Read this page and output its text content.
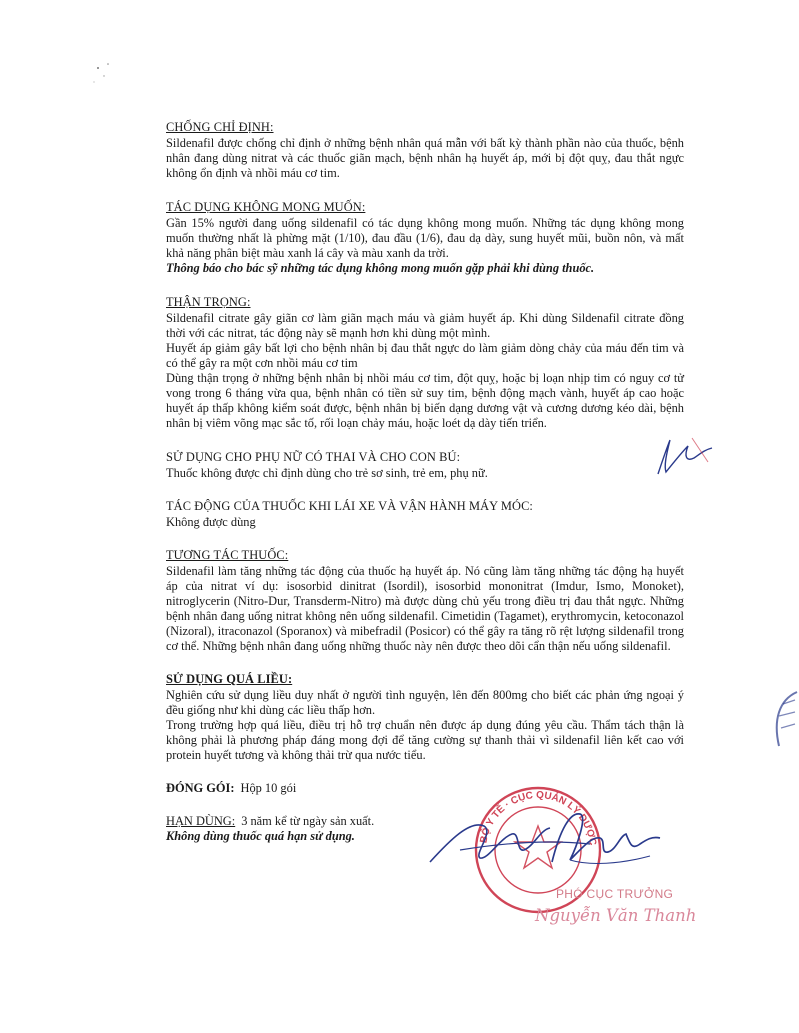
CHỐNG CHỈ ĐỊNH:

Sildenafil được chống chỉ định ở những bệnh nhân quá mẫn với bất kỳ thành phần nào của thuốc, bệnh nhân đang dùng nitrat và các thuốc giãn mạch, bệnh nhân hạ huyết áp, mới bị đột quỵ, đau thắt ngực không ổn định và nhồi máu cơ tim.

TÁC DỤNG KHÔNG MONG MUỐN:

Gần 15% người đang uống sildenafil có tác dụng không mong muốn. Những tác dụng không mong muốn thường nhất là phừng mặt (1/10), đau đầu (1/6), đau dạ dày, sung huyết mũi, buồn nôn, và mất khả năng phân biệt màu xanh lá cây và màu xanh da trời.

Thông báo cho bác sỹ những tác dụng không mong muốn gặp phải khi dùng thuốc.

THẬN TRỌNG:

Sildenafil citrate gây giãn cơ làm giãn mạch máu và giảm huyết áp. Khi dùng Sildenafil citrate đồng thời với các nitrat, tác động này sẽ mạnh hơn khi dùng một mình.

Huyết áp giảm gây bất lợi cho bệnh nhân bị đau thắt ngực do làm giảm dòng chảy của máu đến tim và có thể gây ra một cơn nhồi máu cơ tim

Dùng thận trọng ở những bệnh nhân bị nhồi máu cơ tim, đột quỵ, hoặc bị loạn nhịp tim có nguy cơ tử vong trong 6 tháng vừa qua, bệnh nhân có tiền sử suy tim, bệnh động mạch vành, huyết áp cao hoặc huyết áp thấp không kiểm soát được, bệnh nhân bị biến dạng dương vật và cương dương kéo dài, bệnh nhân bị viêm võng mạc sắc tố, rối loạn chảy máu, hoặc loét dạ dày tiến triển.

SỬ DỤNG CHO PHỤ NỮ CÓ THAI VÀ CHO CON BÚ:

Thuốc không được chỉ định dùng cho trẻ sơ sinh, trẻ em, phụ nữ.

TÁC ĐỘNG CỦA THUỐC KHI LÁI XE VÀ VẬN HÀNH MÁY MÓC:

Không được dùng

TƯƠNG TÁC THUỐC:

Sildenafil làm tăng những tác động của thuốc hạ huyết áp. Nó cũng làm tăng những tác động hạ huyết áp của nitrat ví dụ: isosorbid dinitrat (Isordil), isosorbid mononitrat (Imdur, Ismo, Monoket), nitroglycerin (Nitro-Dur, Transderm-Nitro) mà được dùng chủ yếu trong điều trị đau thắt ngực. Những bệnh nhân đang uống nitrat không nên uống sildenafil. Cimetidin (Tagamet), erythromycin, ketoconazol (Nizoral), itraconazol (Sporanox) và mibefradil (Posicor) có thể gây ra tăng rõ rệt lượng sildenafil trong cơ thể. Những bệnh nhân đang uống những thuốc này nên được theo dõi cẩn thận nếu uống sildenafil.

SỬ DỤNG QUÁ LIỀU:

Nghiên cứu sử dụng liều duy nhất ở người tình nguyện, lên đến 800mg cho biết các phản ứng ngoại ý đều giống như khi dùng các liều thấp hơn.

Trong trường hợp quá liều, điều trị hỗ trợ chuẩn nên được áp dụng đúng yêu cầu. Thẩm tách thận là không phải là phương pháp đáng mong đợi để tăng cường sự thanh thải vì sildenafil liên kết cao với protein huyết tương và không thải trừ qua nước tiểu.

ĐÓNG GÓI: Hộp 10 gói
HẠN DÙNG: 3 năm kể từ ngày sản xuất.

Không dùng thuốc quá hạn sử dụng.	BỘ Y TẾ · CỤC QUẢN LÝ DƯỢC
PHÓ CỤC TRƯỞNG
Nguyễn Văn Thanh
